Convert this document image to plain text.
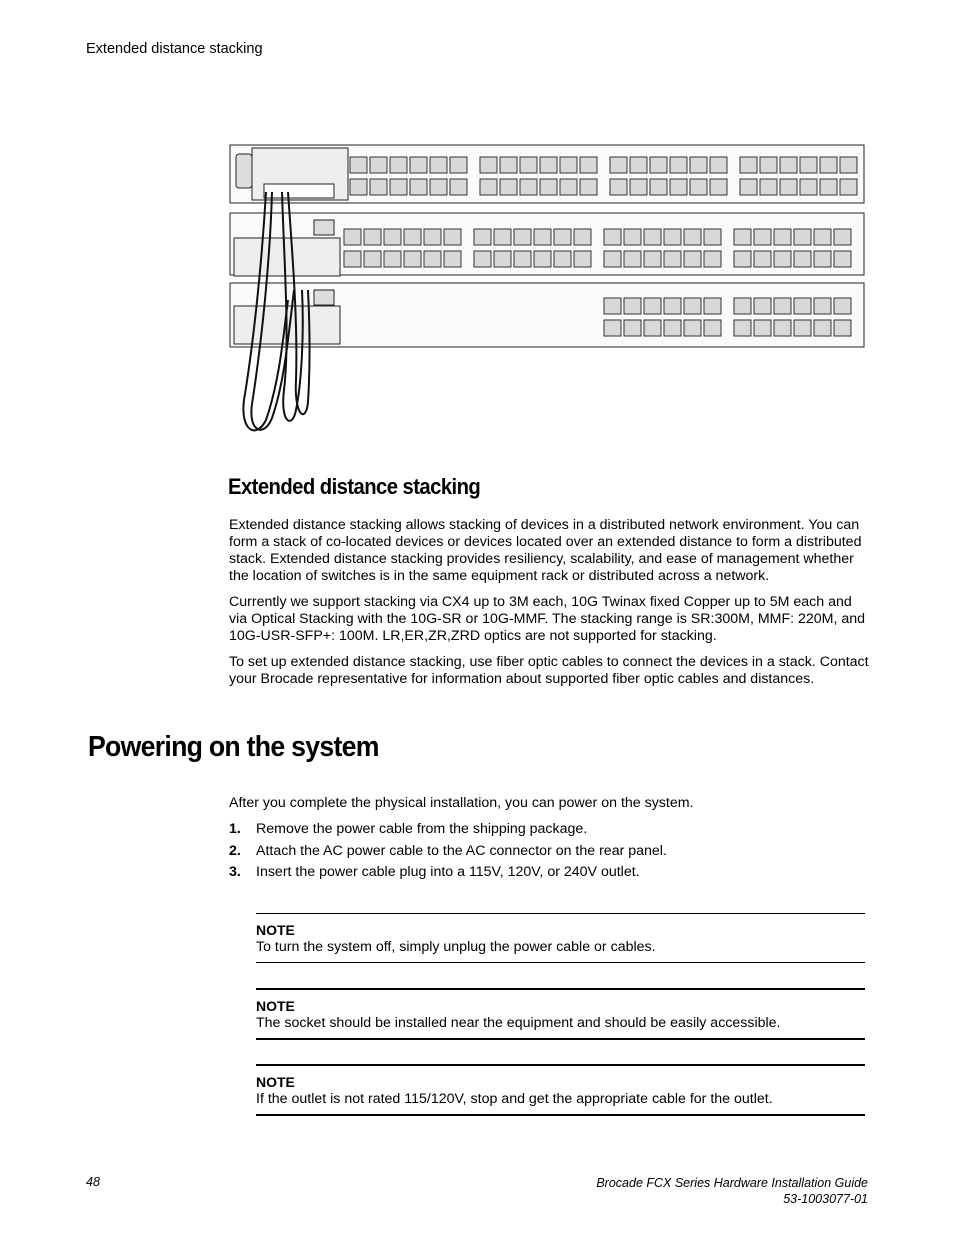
Extended distance stacking
Extended distance stacking

Extended distance stacking allows stacking of devices in a distributed network environment. You can form a stack of co-located devices or devices located over an extended distance to form a distributed stack. Extended distance stacking provides resiliency, scalability, and ease of management whether the location of switches is in the same equipment rack or distributed across a network.

Currently we support stacking via CX4 up to 3M each, 10G Twinax fixed Copper up to 5M each and via Optical Stacking with the 10G-SR or 10G-MMF. The stacking range is SR:300M, MMF: 220M, and 10G-USR-SFP+: 100M. LR,ER,ZR,ZRD optics are not supported for stacking.

To set up extended distance stacking, use fiber optic cables to connect the devices in a stack. Contact your Brocade representative for information about supported fiber optic cables and distances.

Powering on the system

After you complete the physical installation, you can power on the system.

1. Remove the power cable from the shipping package.
2. Attach the AC power cable to the AC connector on the rear panel.
3. Insert the power cable plug into a 115V, 120V, or 240V outlet.
NOTE
To turn the system off, simply unplug the power cable or cables.
NOTE
The socket should be installed near the equipment and should be easily accessible.
NOTE
If the outlet is not rated 115/120V, stop and get the appropriate cable for the outlet.
48	Brocade FCX Series Hardware Installation Guide
53-1003077-01
